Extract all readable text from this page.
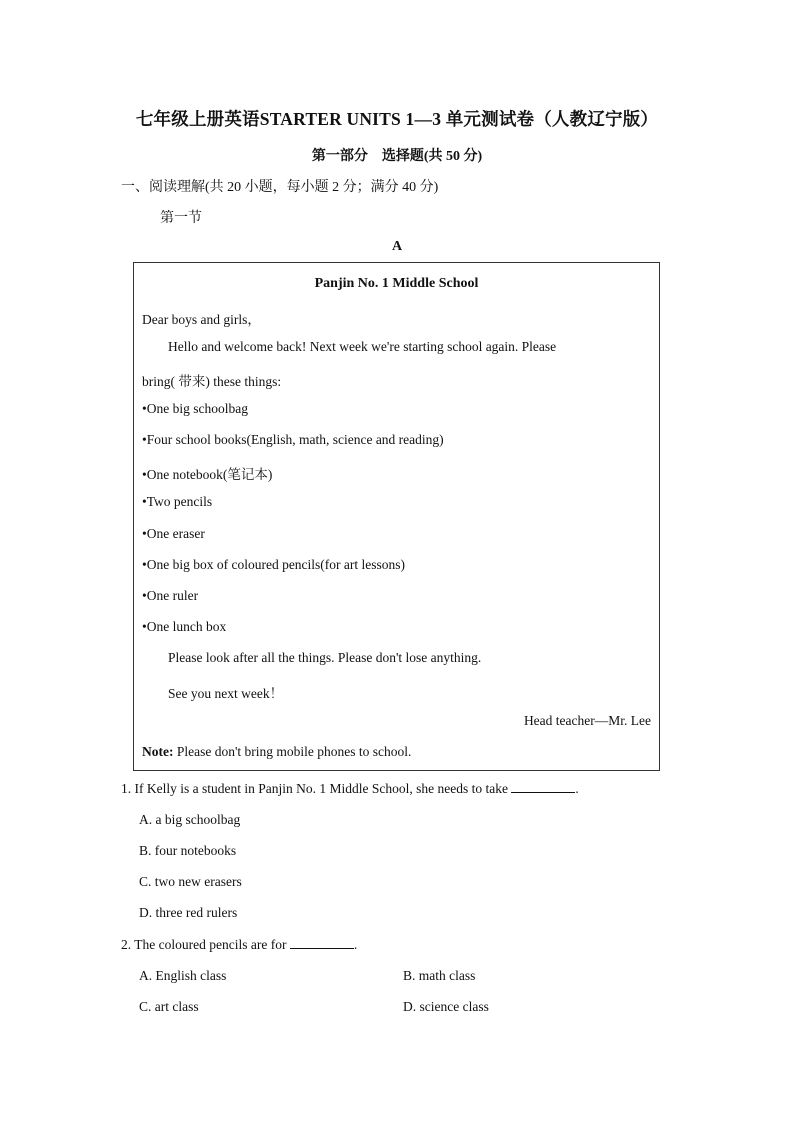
七年级上册英语STARTER UNITS 1—3 单元测试卷（人教辽宁版）
第一部分　选择题(共 50 分)
一、阅读理解(共 20 小题，每小题 2 分；满分 40 分)
第一节
A
Panjin No. 1 Middle School
Dear boys and girls，
Hello and welcome back! Next week we're starting school again. Please
bring( 带来) these things:
•One big schoolbag
•Four school books(English, math, science and reading)
•One notebook(笔记本)
•Two pencils
•One eraser
•One big box of coloured pencils(for art lessons)
•One ruler
•One lunch box
Please look after all the things. Please don't lose anything.
See you next week！
Head teacher—Mr. Lee
Note: Please don't bring mobile phones to school.
1. If Kelly is a student in Panjin No. 1 Middle School, she needs to take	.
A. a big schoolbag
B. four notebooks
C. two new erasers
D. three red rulers
2. The coloured pencils are for	.
A. English class	B. math class
C. art class	D. science class
